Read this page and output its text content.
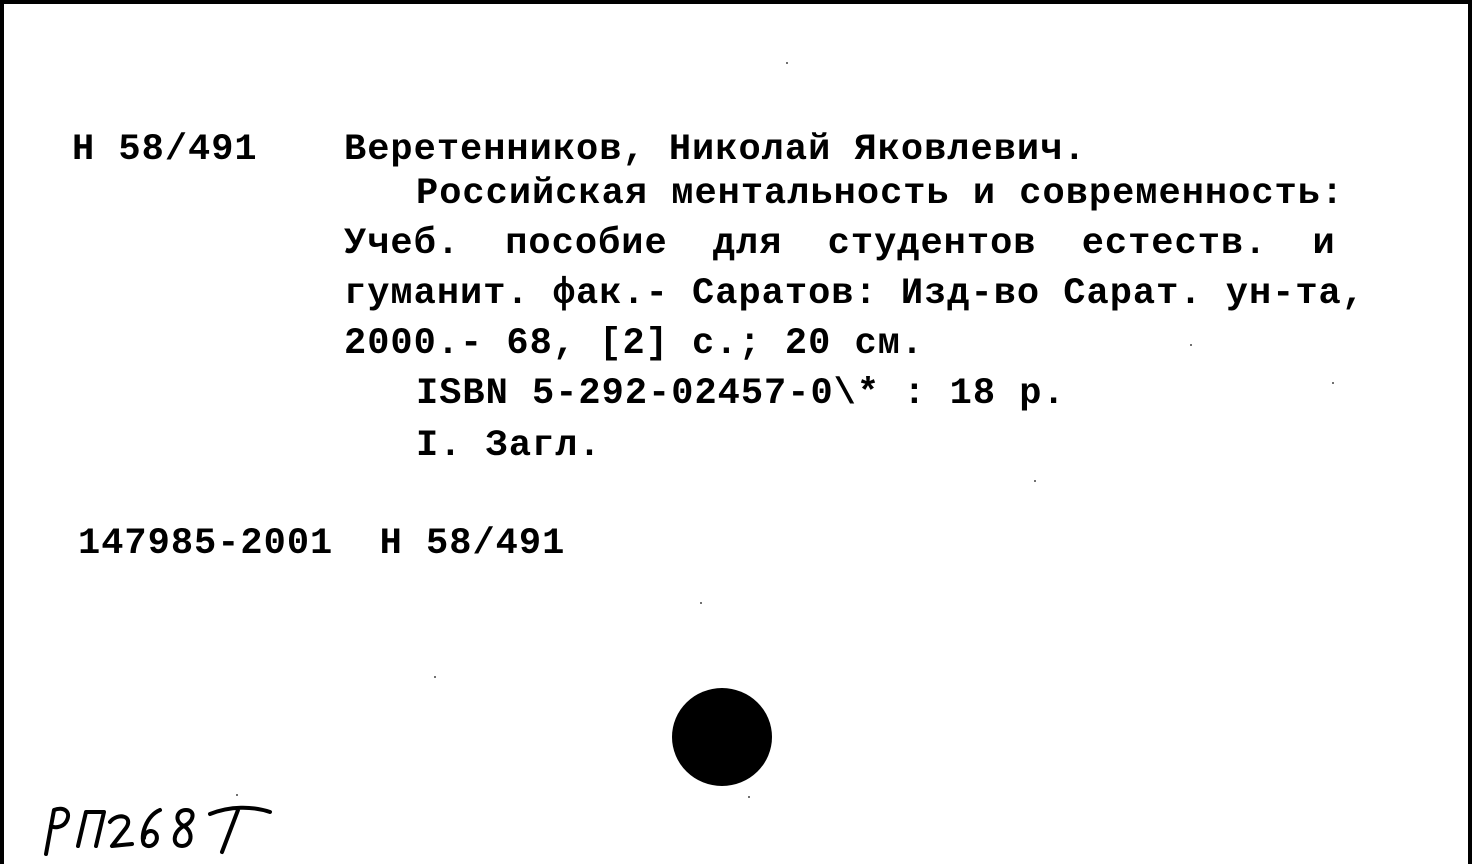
Н 58/491 Веретенников, Николай Яковлевич.
Российская ментальность и современность:
Учеб. пособие для студентов естеств. и
гуманит. фак.- Саратов: Изд-во Сарат. ун-та,
2000.- 68, [2] с.; 20 см.
ISBN 5-292-02457-0\* : 18 р.
I. Загл.
147985-2001  Н 58/491
